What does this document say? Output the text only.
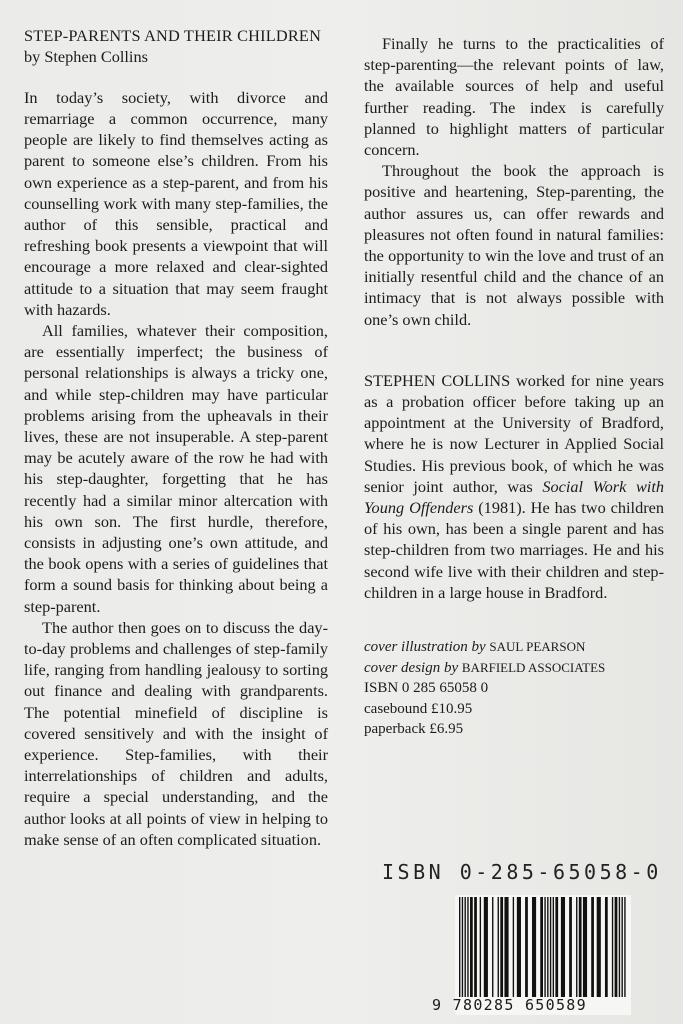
STEP-PARENTS AND THEIR CHILDREN
by Stephen Collins

In today’s society, with divorce and remarriage a common occurrence, many people are likely to find themselves acting as parent to someone else’s children. From his own experience as a step-parent, and from his counselling work with many step-families, the author of this sensible, practical and refreshing book presents a viewpoint that will encourage a more relaxed and clear-sighted attitude to a situation that may seem fraught with hazards.

All families, whatever their composition, are essentially imperfect; the business of personal relationships is always a tricky one, and while step-children may have particular problems arising from the upheavals in their lives, these are not insuperable. A step-parent may be acutely aware of the row he had with his step-daughter, forgetting that he has recently had a similar minor altercation with his own son. The first hurdle, therefore, consists in adjusting one’s own attitude, and the book opens with a series of guidelines that form a sound basis for thinking about being a step-parent.

The author then goes on to discuss the day-to-day problems and challenges of step-family life, ranging from handling jealousy to sorting out finance and dealing with grandparents. The potential minefield of discipline is covered sensitively and with the insight of experience. Step-families, with their interrelationships of children and adults, require a special understanding, and the author looks at all points of view in helping to make sense of an often complicated situation.

Finally he turns to the practicalities of step-parenting—the relevant points of law, the available sources of help and useful further reading. The index is carefully planned to highlight matters of particular concern.

Throughout the book the approach is positive and heartening, Step-parenting, the author assures us, can offer rewards and pleasures not often found in natural families: the opportunity to win the love and trust of an initially resentful child and the chance of an intimacy that is not always possible with one’s own child.

STEPHEN COLLINS worked for nine years as a probation officer before taking up an appointment at the University of Bradford, where he is now Lecturer in Applied Social Studies. His previous book, of which he was senior joint author, was Social Work with Young Offenders (1981). He has two children of his own, has been a single parent and has step-children from two marriages. He and his second wife live with their children and step-children in a large house in Bradford.

cover illustration by SAUL PEARSON
cover design by BARFIELD ASSOCIATES
ISBN 0 285 65058 0
casebound £10.95
paperback £6.95
ISBN 0-285-65058-0
9 780285 650589
